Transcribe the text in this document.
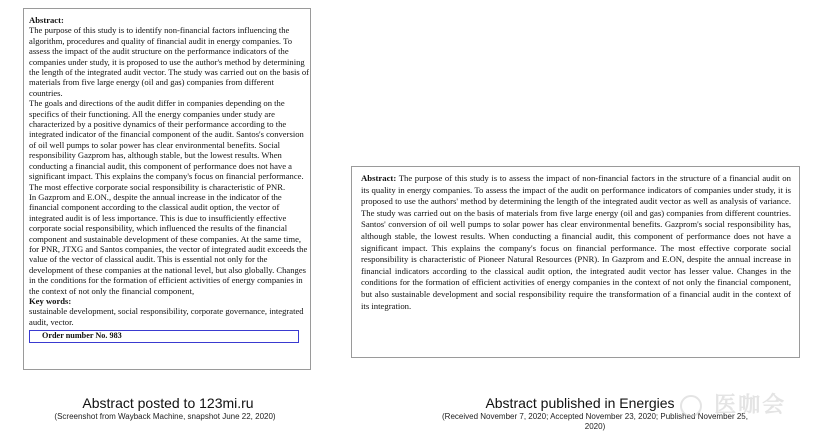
Abstract:
The purpose of this study is to identify non-financial factors influencing the algorithm, procedures and quality of financial audit in energy companies. To assess the impact of the audit structure on the performance indicators of the companies under study, it is proposed to use the author's method by determining the length of the integrated audit vector. The study was carried out on the basis of materials from five large energy (oil and gas) companies from different countries.
The goals and directions of the audit differ in companies depending on the specifics of their functioning. All the energy companies under study are characterized by a positive dynamics of their performance according to the integrated indicator of the financial component of the audit. Santos's conversion of oil well pumps to solar power has clear environmental benefits. Social responsibility Gazprom has, although stable, but the lowest results. When conducting a financial audit, this component of performance does not have a significant impact. This explains the company's focus on financial performance. The most effective corporate social responsibility is characteristic of PNR.
In Gazprom and E.ON., despite the annual increase in the indicator of the financial component according to the classical audit option, the vector of integrated audit is of less importance. This is due to insufficiently effective corporate social responsibility, which influenced the results of the financial component and sustainable development of these companies. At the same time, for PNR, JTXG and Santos companies, the vector of integrated audit exceeds the value of the vector of classical audit. This is essential not only for the development of these companies at the national level, but also globally. Changes in the conditions for the formation of efficient activities of energy companies in the context of not only the financial component,
Key words:
sustainable development, social responsibility, corporate governance, integrated audit, vector.
Order number No. 983
Abstract: The purpose of this study is to assess the impact of non-financial factors in the structure of a financial audit on its quality in energy companies. To assess the impact of the audit on performance indicators of companies under study, it is proposed to use the authors' method by determining the length of the integrated audit vector as well as analysis of variance. The study was carried out on the basis of materials from five large energy (oil and gas) companies from different countries. Santos' conversion of oil well pumps to solar power has clear environmental benefits. Gazprom's social responsibility has, although stable, the lowest results. When conducting a financial audit, this component of performance does not have a significant impact. This explains the company's focus on financial performance. The most effective corporate social responsibility is characteristic of Pioneer Natural Resources (PNR). In Gazprom and E.ON, despite the annual increase in financial indicators according to the classical audit option, the integrated audit vector has lesser value. Changes in the conditions for the formation of efficient activities of energy companies in the context of not only the financial component, but also sustainable development and social responsibility require the transformation of a financial audit in the context of its integration.
Abstract posted to 123mi.ru
(Screenshot from Wayback Machine, snapshot June 22, 2020)
Abstract published in Energies
(Received November 7, 2020; Accepted November 23, 2020; Published November 25, 2020)
医咖会
